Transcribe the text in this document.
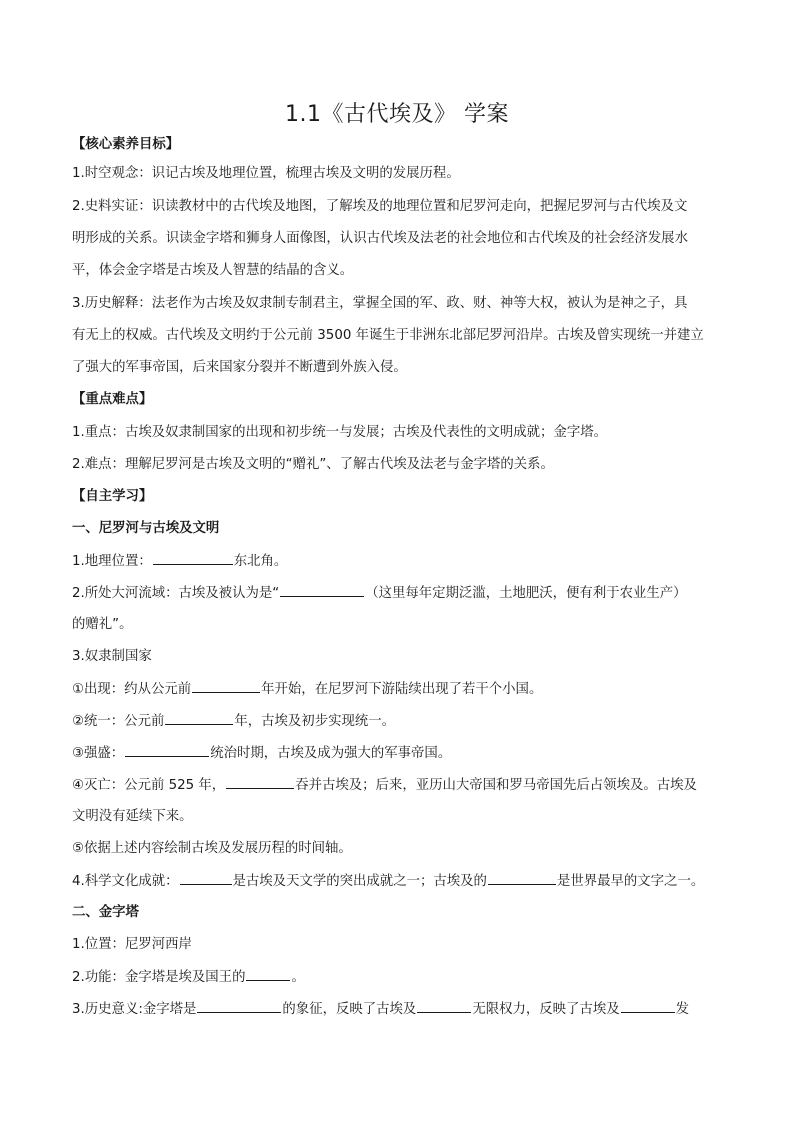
1.1《古代埃及》 学案
【核心素养目标】
1.时空观念：识记古埃及地理位置，梳理古埃及文明的发展历程。
2.史料实证：识读教材中的古代埃及地图，了解埃及的地理位置和尼罗河走向，把握尼罗河与古代埃及文
明形成的关系。识读金字塔和狮身人面像图，认识古代埃及法老的社会地位和古代埃及的社会经济发展水
平，体会金字塔是古埃及人智慧的结晶的含义。
3.历史解释：法老作为古埃及奴隶制专制君主，掌握全国的军、政、财、神等大权，被认为是神之子，具
有无上的权威。古代埃及文明约于公元前 3500 年诞生于非洲东北部尼罗河沿岸。古埃及曾实现统一并建立
了强大的军事帝国，后来国家分裂并不断遭到外族入侵。
【重点难点】
1.重点：古埃及奴隶制国家的出现和初步统一与发展；古埃及代表性的文明成就；金字塔。
2.难点：理解尼罗河是古埃及文明的“赠礼”、了解古代埃及法老与金字塔的关系。
【自主学习】
一、尼罗河与古埃及文明
1.地理位置：	东北角。
2.所处大河流域：古埃及被认为是“	（这里每年定期泛滥，土地肥沃，便有利于农业生产）
的赠礼”。
3.奴隶制国家
①出现：约从公元前	年开始，在尼罗河下游陆续出现了若干个小国。
②统一：公元前	年，古埃及初步实现统一。
③强盛：	统治时期，古埃及成为强大的军事帝国。
④灭亡：公元前 525 年，	吞并古埃及；后来，亚历山大帝国和罗马帝国先后占领埃及。古埃及
文明没有延续下来。
⑤依据上述内容绘制古埃及发展历程的时间轴。
4.科学文化成就：	是古埃及天文学的突出成就之一；古埃及的	是世界最早的文字之一。
二、金字塔
1.位置：尼罗河西岸
2.功能：金字塔是埃及国王的	。
3.历史意义:金字塔是	的象征，反映了古埃及	无限权力，反映了古埃及	发
